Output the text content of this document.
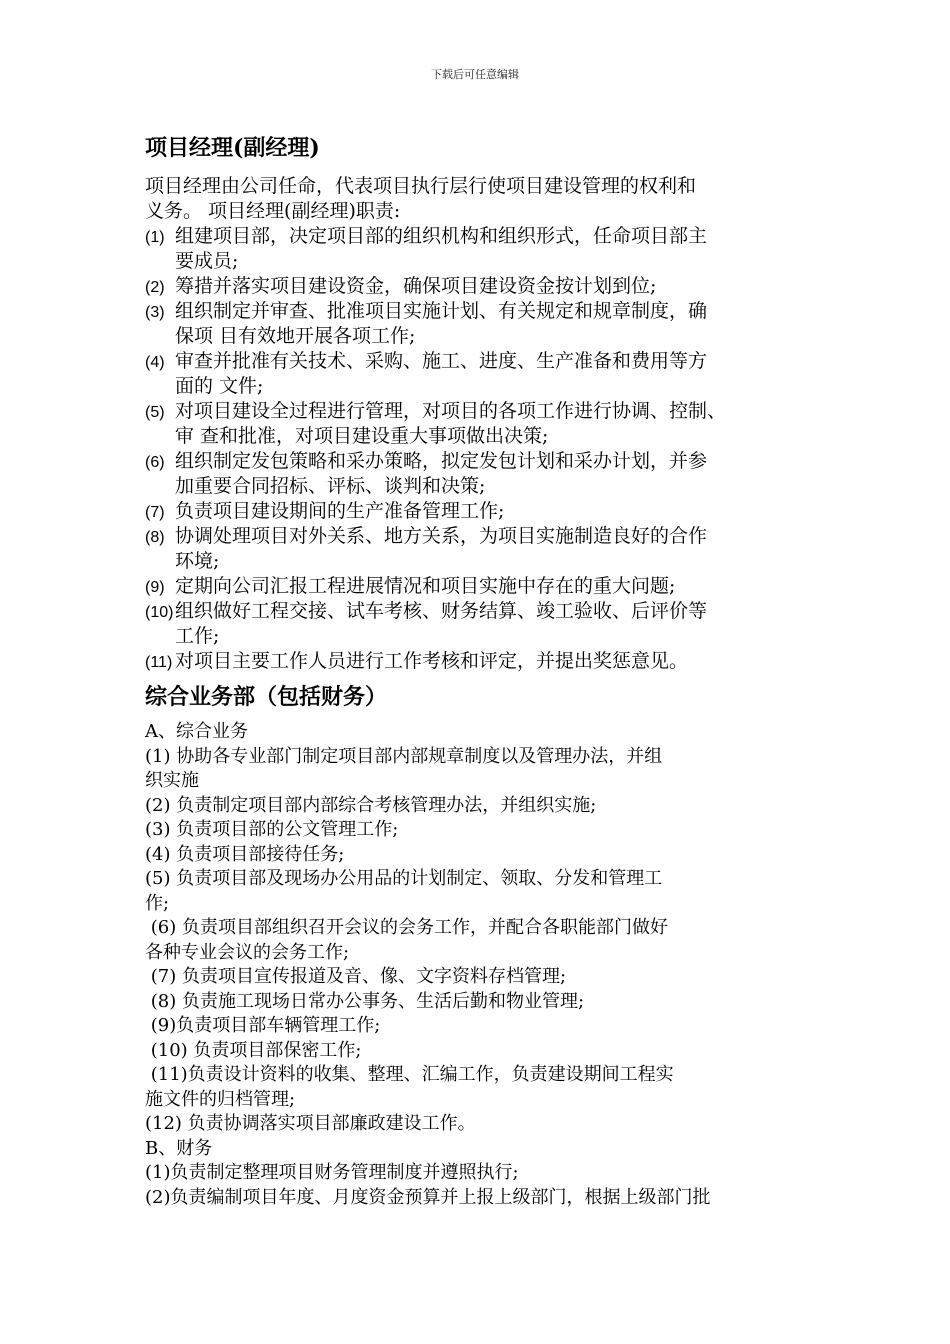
下载后可任意编辑
项目经理(副经理)
项目经理由公司任命，代表项目执行层行使项目建设管理的权利和
义务。 项目经理(副经理)职责:
(1) 组建项目部，决定项目部的组织机构和组织形式，任命项目部主
要成员;
(2) 筹措并落实项目建设资金，确保项目建设资金按计划到位;
(3) 组织制定并审查、批准项目实施计划、有关规定和规章制度，确
保项 目有效地开展各项工作;
(4) 审查并批准有关技术、采购、施工、进度、生产准备和费用等方
面的 文件;
(5) 对项目建设全过程进行管理，对项目的各项工作进行协调、控制、
审 查和批准，对项目建设重大事项做出决策;
(6) 组织制定发包策略和采办策略，拟定发包计划和采办计划，并参
加重要合同招标、评标、谈判和决策;
(7) 负责项目建设期间的生产准备管理工作;
(8) 协调处理项目对外关系、地方关系，为项目实施制造良好的合作
环境;
(9) 定期向公司汇报工程进展情况和项目实施中存在的重大问题;
(10)组织做好工程交接、试车考核、财务结算、竣工验收、后评价等
工作;
(11) 对项目主要工作人员进行工作考核和评定，并提出奖惩意见。
综合业务部（包括财务）
A、综合业务
(1) 协助各专业部门制定项目部内部规章制度以及管理办法，并组
织实施
(2) 负责制定项目部内部综合考核管理办法，并组织实施;
(3) 负责项目部的公文管理工作;
(4) 负责项目部接待任务;
(5) 负责项目部及现场办公用品的计划制定、领取、分发和管理工
作;
(6) 负责项目部组织召开会议的会务工作，并配合各职能部门做好
各种专业会议的会务工作;
(7) 负责项目宣传报道及音、像、文字资料存档管理;
(8) 负责施工现场日常办公事务、生活后勤和物业管理;
(9)负责项目部车辆管理工作;
(10) 负责项目部保密工作;
(11)负责设计资料的收集、整理、汇编工作，负责建设期间工程实
施文件的归档管理;
(12) 负责协调落实项目部廉政建设工作。
B、财务
(1)负责制定整理项目财务管理制度并遵照执行;
(2)负责编制项目年度、月度资金预算并上报上级部门，根据上级部门批
